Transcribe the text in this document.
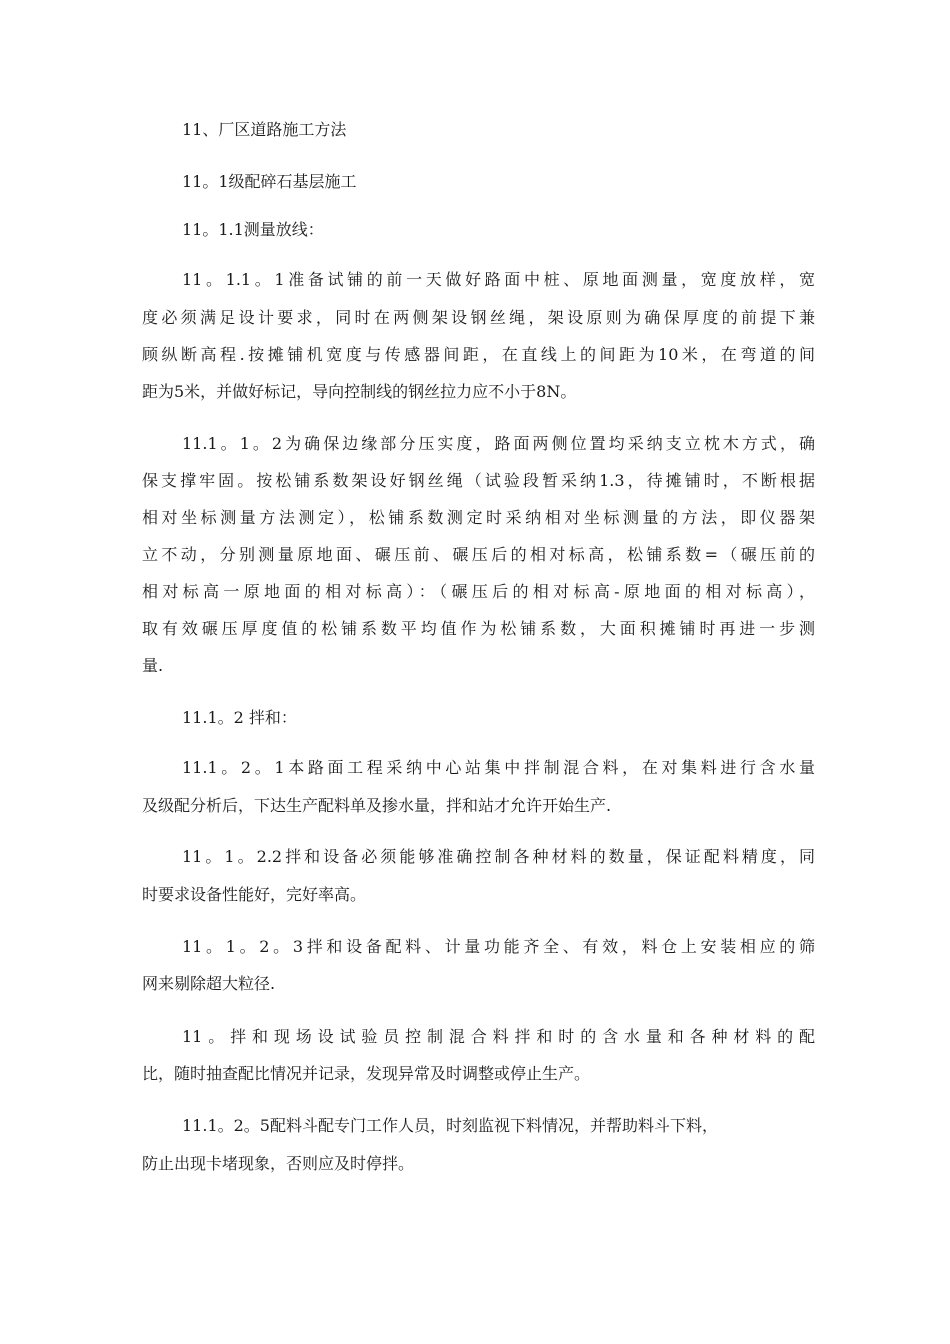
11、厂区道路施工方法
11。1级配碎石基层施工
11。1.1测量放线：
11。1.1。1准备试铺的前一天做好路面中桩、原地面测量，宽度放样，宽
度必须满足设计要求，同时在两侧架设钢丝绳，架设原则为确保厚度的前提下兼
顾纵断高程.按摊铺机宽度与传感器间距，在直线上的间距为10米，在弯道的间
距为5米，并做好标记，导向控制线的钢丝拉力应不小于8N。
11.1。1。2为确保边缘部分压实度，路面两侧位置均采纳支立枕木方式，确
保支撑牢固。按松铺系数架设好钢丝绳（试验段暂采纳1.3，待摊铺时，不断根据
相对坐标测量方法测定），松铺系数测定时采纳相对坐标测量的方法，即仪器架
立不动，分别测量原地面、碾压前、碾压后的相对标高，松铺系数=（碾压前的
相对标高一原地面的相对标高）：（碾压后的相对标高-原地面的相对标高），
取有效碾压厚度值的松铺系数平均值作为松铺系数，大面积摊铺时再进一步测
量.
11.1。2 拌和：
11.1。2。1本路面工程采纳中心站集中拌制混合料，在对集料进行含水量
及级配分析后，下达生产配料单及掺水量，拌和站才允许开始生产.
11。1。2.2拌和设备必须能够准确控制各种材料的数量，保证配料精度，同
时要求设备性能好，完好率高。
11。1。2。3拌和设备配料、计量功能齐全、有效，料仓上安装相应的筛
网来剔除超大粒径.
11。拌和现场设试验员控制混合料拌和时的含水量和各种材料的配
比，随时抽查配比情况并记录，发现异常及时调整或停止生产。
11.1。2。5配料斗配专门工作人员，时刻监视下料情况，并帮助料斗下料，
防止出现卡堵现象，否则应及时停拌。
